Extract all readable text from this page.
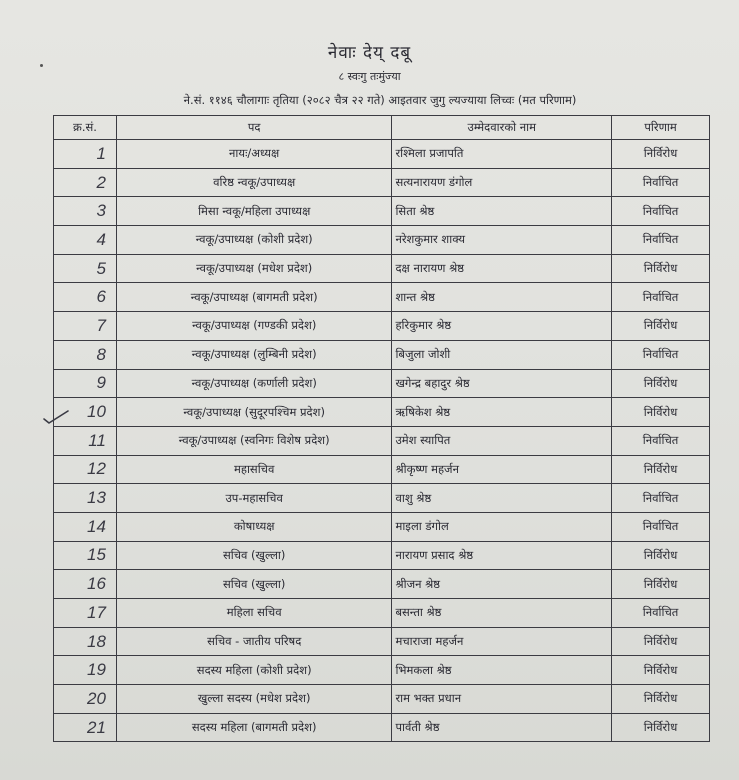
नेवाः देय् दबू
८ स्वःगु तःमुंज्या
ने.सं. ११४६ चौलागाः तृतिया (२०८२ चैत्र २२ गते) आइतवार जुगु ल्यज्याया लिच्वः (मत परिणाम)
क्र.सं.	पद	उम्मेदवारको नाम	परिणाम
1	नायः/अध्यक्ष	रश्मिला प्रजापति	निर्विरोध
2	वरिष्ठ न्वकू/उपाध्यक्ष	सत्यनारायण डंगोल	निर्वाचित
3	मिसा न्वकू/महिला उपाध्यक्ष	सिता श्रेष्ठ	निर्वाचित
4	न्वकू/उपाध्यक्ष (कोशी प्रदेश)	नरेशकुमार शाक्य	निर्वाचित
5	न्वकू/उपाध्यक्ष (मधेश प्रदेश)	दक्ष नारायण श्रेष्ठ	निर्विरोध
6	न्वकू/उपाध्यक्ष (बागमती प्रदेश)	शान्त श्रेष्ठ	निर्वाचित
7	न्वकू/उपाध्यक्ष (गण्डकी प्रदेश)	हरिकुमार श्रेष्ठ	निर्विरोध
8	न्वकू/उपाध्यक्ष (लुम्बिनी प्रदेश)	बिजुला जोशी	निर्वाचित
9	न्वकू/उपाध्यक्ष (कर्णाली प्रदेश)	खगेन्द्र बहादुर श्रेष्ठ	निर्विरोध
10	न्वकू/उपाध्यक्ष (सुदूरपश्चिम प्रदेश)	ऋषिकेश श्रेष्ठ	निर्विरोध
11	न्वकू/उपाध्यक्ष (स्वनिगः विशेष प्रदेश)	उमेश स्यापित	निर्वाचित
12	महासचिव	श्रीकृष्ण महर्जन	निर्विरोध
13	उप-महासचिव	वाशु श्रेष्ठ	निर्वाचित
14	कोषाध्यक्ष	माइला डंगोल	निर्वाचित
15	सचिव (खुल्ला)	नारायण प्रसाद श्रेष्ठ	निर्विरोध
16	सचिव (खुल्ला)	श्रीजन श्रेष्ठ	निर्विरोध
17	महिला सचिव	बसन्ता श्रेष्ठ	निर्वाचित
18	सचिव - जातीय परिषद	मचाराजा महर्जन	निर्विरोध
19	सदस्य महिला (कोशी प्रदेश)	भिमकला श्रेष्ठ	निर्विरोध
20	खुल्ला सदस्य (मधेश प्रदेश)	राम भक्त प्रधान	निर्विरोध
21	सदस्य महिला (बागमती प्रदेश)	पार्वती श्रेष्ठ	निर्विरोध
